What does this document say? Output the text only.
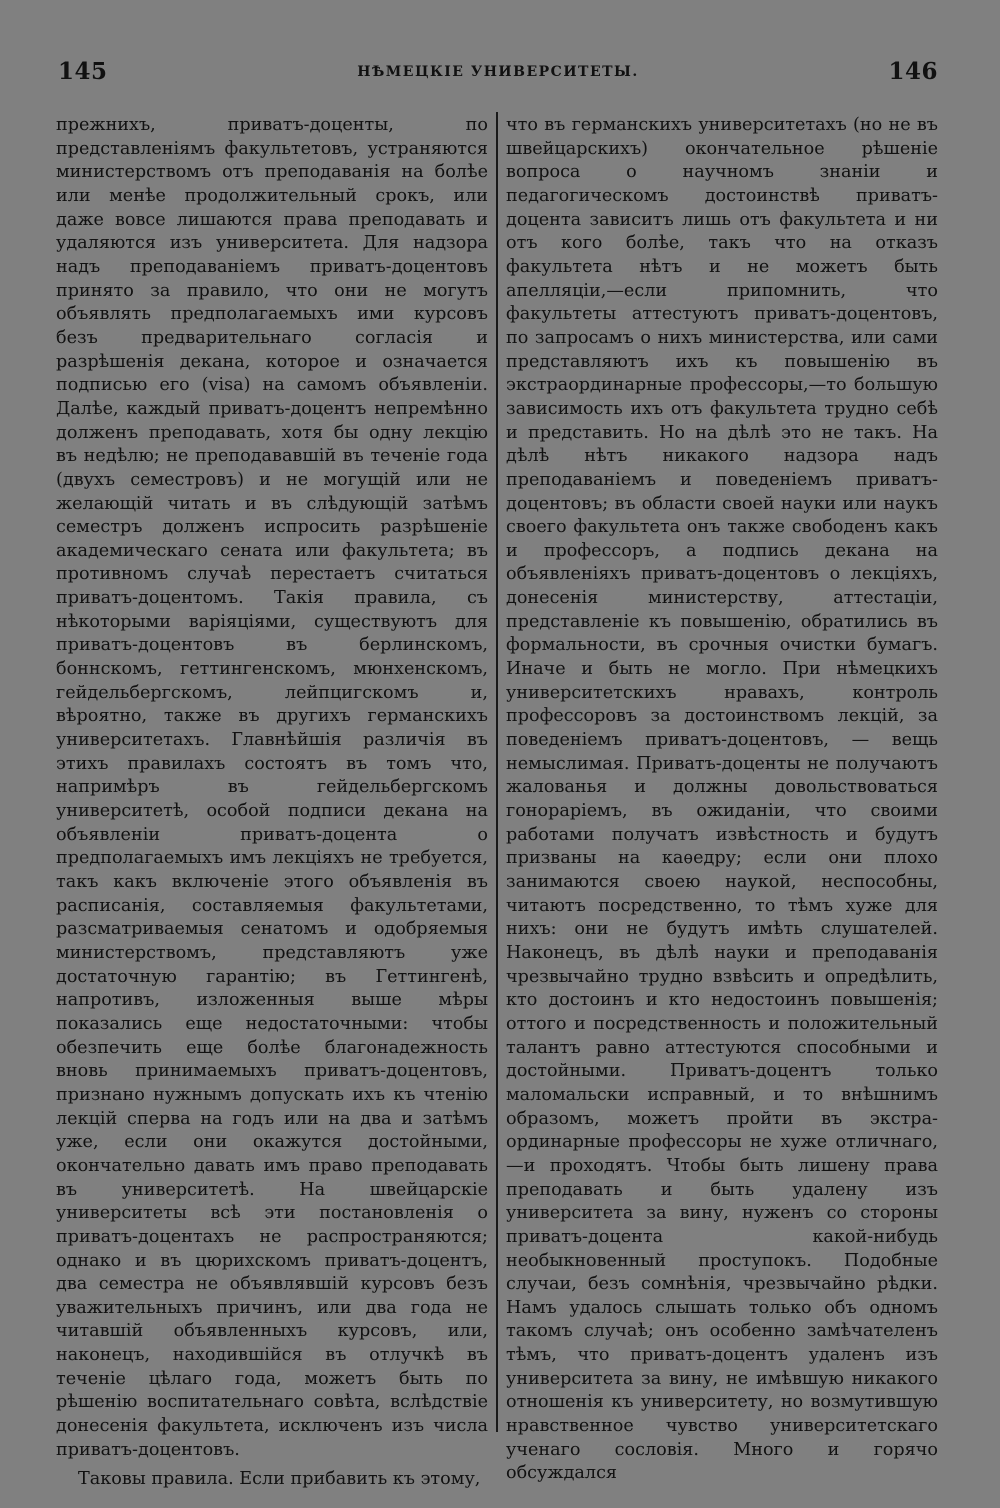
145	НѢМЕЦКІЕ УНИВЕРСИТЕТЫ.	146

прежнихъ, приватъ-доценты, по представленіямъ факультетовъ, устраняются министерствомъ отъ преподаванія на болѣе или менѣе продолжительный срокъ, или даже вовсе лишаются права преподавать и удаляются изъ университета. Для надзора надъ преподаваніемъ приватъ-доцентовъ принято за правило, что они не могутъ объявлять предполагаемыхъ ими курсовъ безъ предварительнаго согласія и разрѣшенія декана, которое и означается подписью его (visa) на самомъ объявленіи. Далѣе, каждый приватъ-доцентъ непремѣнно долженъ преподавать, хотя бы одну лекцію въ недѣлю; не преподававшій въ теченіе года (двухъ семестровъ) и не могущій или не желающій читать и въ слѣдующій затѣмъ семестръ долженъ испросить разрѣшеніе академическаго сената или факультета; въ противномъ случаѣ перестаетъ считаться приватъ-доцентомъ. Такія правила, съ нѣкоторыми варіяціями, существуютъ для приватъ-доцентовъ въ берлинскомъ, боннскомъ, геттингенскомъ, мюнхенскомъ, гейдельбергскомъ, лейпцигскомъ и, вѣроятно, также въ другихъ германскихъ университетахъ. Главнѣйшія различія въ этихъ правилахъ состоятъ въ томъ что, напримѣръ въ гейдельбергскомъ университетѣ, особой подписи декана на объявленіи приватъ-доцента о предполагаемыхъ имъ лекціяхъ не требуется, такъ какъ включеніе этого объявленія въ расписанія, составляемыя факультетами, разсматриваемыя сенатомъ и одобряемыя министерствомъ, представляютъ уже достаточную гарантію; въ Геттингенѣ, напротивъ, изложенныя выше мѣры показались еще недостаточными: чтобы обезпечить еще болѣе благонадежность вновь принимаемыхъ приватъ-доцентовъ, признано нужнымъ допускать ихъ къ чтенію лекцій сперва на годъ или на два и затѣмъ уже, если они окажутся достойными, окончательно давать имъ право преподавать въ университетѣ. На швейцарскіе университеты всѣ эти постановленія о приватъ-доцентахъ не распространяются; однако и въ цюрихскомъ приватъ-доцентъ, два семестра не объявлявшій курсовъ безъ уважительныхъ причинъ, или два года не читавшій объявленныхъ курсовъ, или, наконецъ, находившійся въ отлучкѣ въ теченіе цѣлаго года, можетъ быть по рѣшенію воспитательнаго совѣта, вслѣдствіе донесенія факультета, исключенъ изъ числа приватъ-доцентовъ.

Таковы правила. Если прибавить къ этому,

что въ германскихъ университетахъ (но не въ швейцарскихъ) окончательное рѣшеніе вопроса о научномъ знаніи и педагогическомъ достоинствѣ приватъ-доцента зависитъ лишь отъ факультета и ни отъ кого болѣе, такъ что на отказъ факультета нѣтъ и не можетъ быть апелляціи,—если припомнить, что факультеты аттестуютъ приватъ-доцентовъ, по запросамъ о нихъ министерства, или сами представляютъ ихъ къ повышенію въ экстраординарные профессоры,—то большую зависимость ихъ отъ факультета трудно себѣ и представить. Но на дѣлѣ это не такъ. На дѣлѣ нѣтъ никакого надзора надъ преподаваніемъ и поведеніемъ приватъ-доцентовъ; въ области своей науки или наукъ своего факультета онъ также свободенъ какъ и профессоръ, а подпись декана на объявленіяхъ приватъ-доцентовъ о лекціяхъ, донесенія министерству, аттестаціи, представленіе къ повышенію, обратились въ формальности, въ срочныя очистки бумагъ. Иначе и быть не могло. При нѣмецкихъ университетскихъ нравахъ, контроль профессоровъ за достоинствомъ лекцій, за поведеніемъ приватъ-доцентовъ, — вещь немыслимая. Приватъ-доценты не получаютъ жалованья и должны довольствоваться гонораріемъ, въ ожиданіи, что своими работами получатъ извѣстность и будутъ призваны на каѳедру; если они плохо занимаются своею наукой, неспособны, читаютъ посредственно, то тѣмъ хуже для нихъ: они не будутъ имѣть слушателей. Наконецъ, въ дѣлѣ науки и преподаванія чрезвычайно трудно взвѣсить и опредѣлить, кто достоинъ и кто недостоинъ повышенія; оттого и посредственность и положительный талантъ равно аттестуются способными и достойными. Приватъ-доцентъ только маломальски исправный, и то внѣшнимъ образомъ, можетъ пройти въ экстра-ординарные профессоры не хуже отличнаго,—и проходятъ. Чтобы быть лишену права преподавать и быть удалену изъ университета за вину, нуженъ со стороны приватъ-доцента какой-нибудь необыкновенный проступокъ. Подобные случаи, безъ сомнѣнія, чрезвычайно рѣдки. Намъ удалось слышать только объ одномъ такомъ случаѣ; онъ особенно замѣчателенъ тѣмъ, что приватъ-доцентъ удаленъ изъ университета за вину, не имѣвшую никакого отношенія къ университету, но возмутившую нравственное чувство университетскаго ученаго сословія. Много и горячо обсуждался
